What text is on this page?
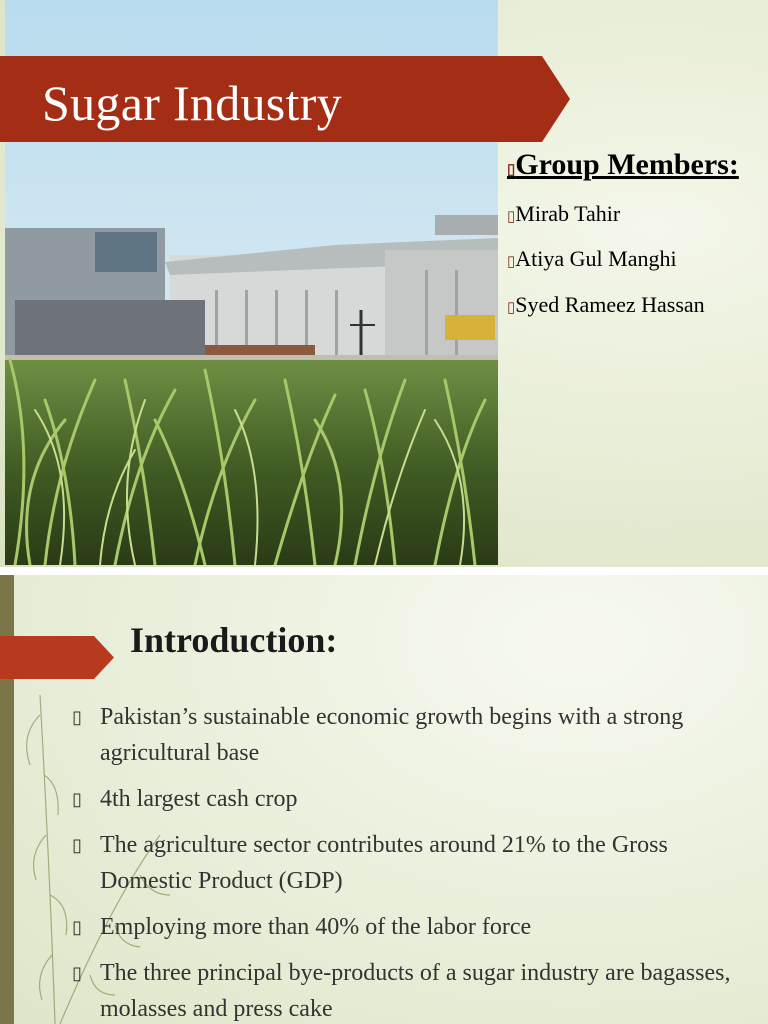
Sugar Industry
▯Group Members:
▯Mirab Tahir
▯Atiya Gul Manghi
▯Syed Rameez Hassan
Introduction:
▯ Pakistan’s sustainable economic growth begins with a strong agricultural base
▯ 4th largest cash crop
▯ The agriculture sector contributes around 21% to the Gross Domestic Product (GDP)
▯ Employing more than 40% of the labor force
▯ The three principal bye-products of a sugar industry are bagasses, molasses and press cake
